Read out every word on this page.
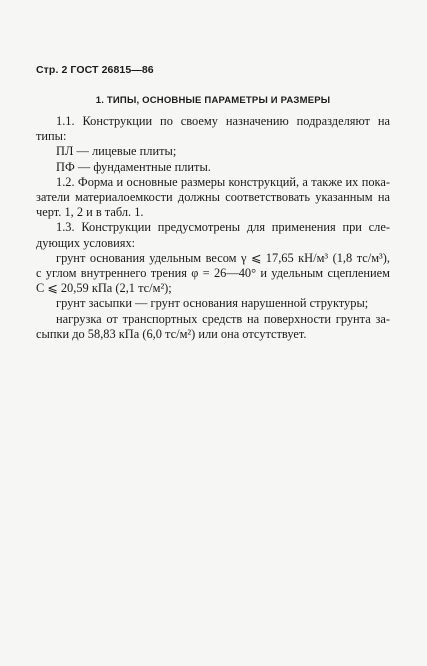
Стр. 2 ГОСТ 26815—86
1. ТИПЫ, ОСНОВНЫЕ ПАРАМЕТРЫ И РАЗМЕРЫ
1.1. Конструкции по своему назначению подразделяют на
типы:
ПЛ — лицевые плиты;
ПФ — фундаментные плиты.
1.2. Форма и основные размеры конструкций, а также их пока-
затели материалоемкости должны соответствовать указанным на
черт. 1, 2 и в табл. 1.
1.3. Конструкции предусмотрены для применения при сле-
дующих условиях:
грунт основания удельным весом γ ⩽ 17,65 кН/м³ (1,8 тс/м³),
с углом внутреннего трения φ = 26—40° и удельным сцеплением
С ⩽ 20,59 кПа (2,1 тс/м²);
грунт засыпки — грунт основания нарушенной структуры;
нагрузка от транспортных средств на поверхности грунта за-
сыпки до 58,83 кПа (6,0 тс/м²) или она отсутствует.
